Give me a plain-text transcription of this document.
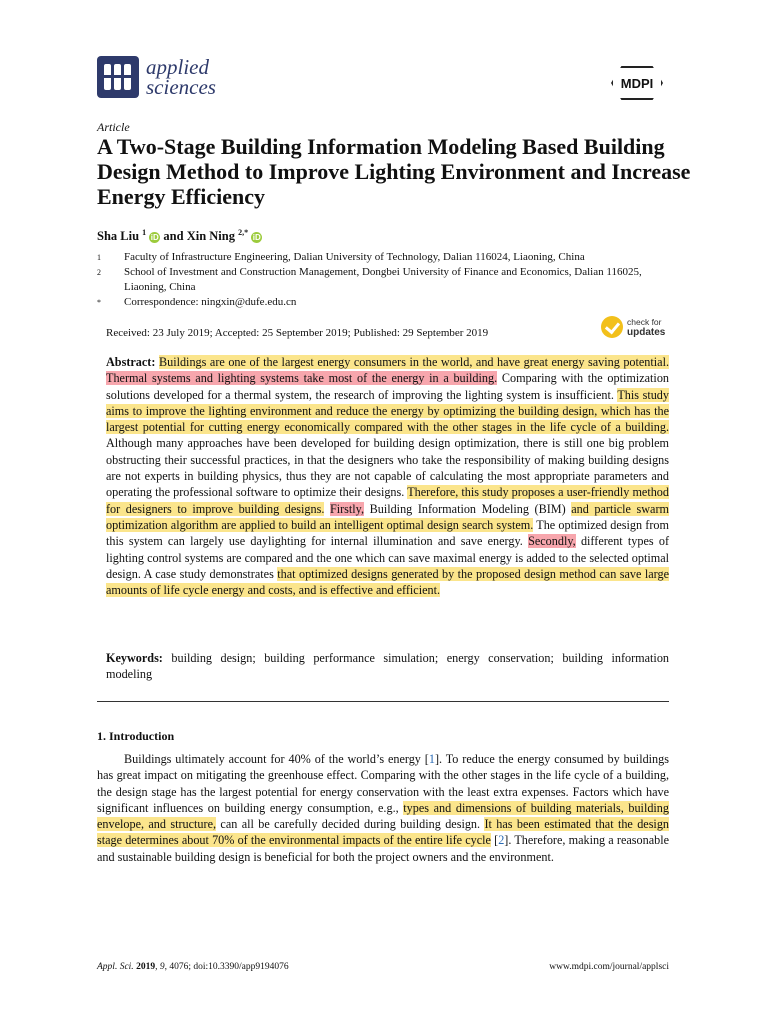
applied
sciences	MDPI
Article
A Two-Stage Building Information Modeling Based Building Design Method to Improve Lighting Environment and Increase Energy Efficiency
Sha Liu $^1$ iD and Xin Ning $^{2,*}$ iD
1	Faculty of Infrastructure Engineering, Dalian University of Technology, Dalian 116024, Liaoning, China
2	School of Investment and Construction Management, Dongbei University of Finance and Economics, Dalian 116025, Liaoning, China
*	Correspondence: ningxin@dufe.edu.cn
Received: 23 July 2019; Accepted: 25 September 2019; Published: 29 September 2019
check for
updates

Abstract: Buildings are one of the largest energy consumers in the world, and have great energy saving potential. Thermal systems and lighting systems take most of the energy in a building. Comparing with the optimization solutions developed for a thermal system, the research of improving the lighting system is insufficient. This study aims to improve the lighting environment and reduce the energy by optimizing the building design, which has the largest potential for cutting energy economically compared with the other stages in the life cycle of a building. Although many approaches have been developed for building design optimization, there is still one big problem obstructing their successful practices, in that the designers who take the responsibility of making building designs are not experts in building physics, thus they are not capable of calculating the most appropriate parameters and operating the professional software to optimize their designs. Therefore, this study proposes a user-friendly method for designers to improve building designs. Firstly, Building Information Modeling (BIM) and particle swarm optimization algorithm are applied to build an intelligent optimal design search system. The optimized design from this system can largely use daylighting for internal illumination and save energy. Secondly, different types of lighting control systems are compared and the one which can save maximal energy is added to the selected optimal design. A case study demonstrates that optimized designs generated by the proposed design method can save large amounts of life cycle energy and costs, and is effective and efficient.

Keywords: building design; building performance simulation; energy conservation; building information modeling

1. Introduction

Buildings ultimately account for 40% of the world’s energy [1]. To reduce the energy consumed by buildings has great impact on mitigating the greenhouse effect. Comparing with the other stages in the life cycle of a building, the design stage has the largest potential for energy conservation with the least extra expenses. Factors which have significant influences on building energy consumption, e.g., types and dimensions of building materials, building envelope, and structure, can all be carefully decided during building design. It has been estimated that the design stage determines about 70% of the environmental impacts of the entire life cycle [2]. Therefore, making a reasonable and sustainable building design is beneficial for both the project owners and the environment.

Appl. Sci. 2019, 9, 4076; doi:10.3390/app9194076	www.mdpi.com/journal/applsci
